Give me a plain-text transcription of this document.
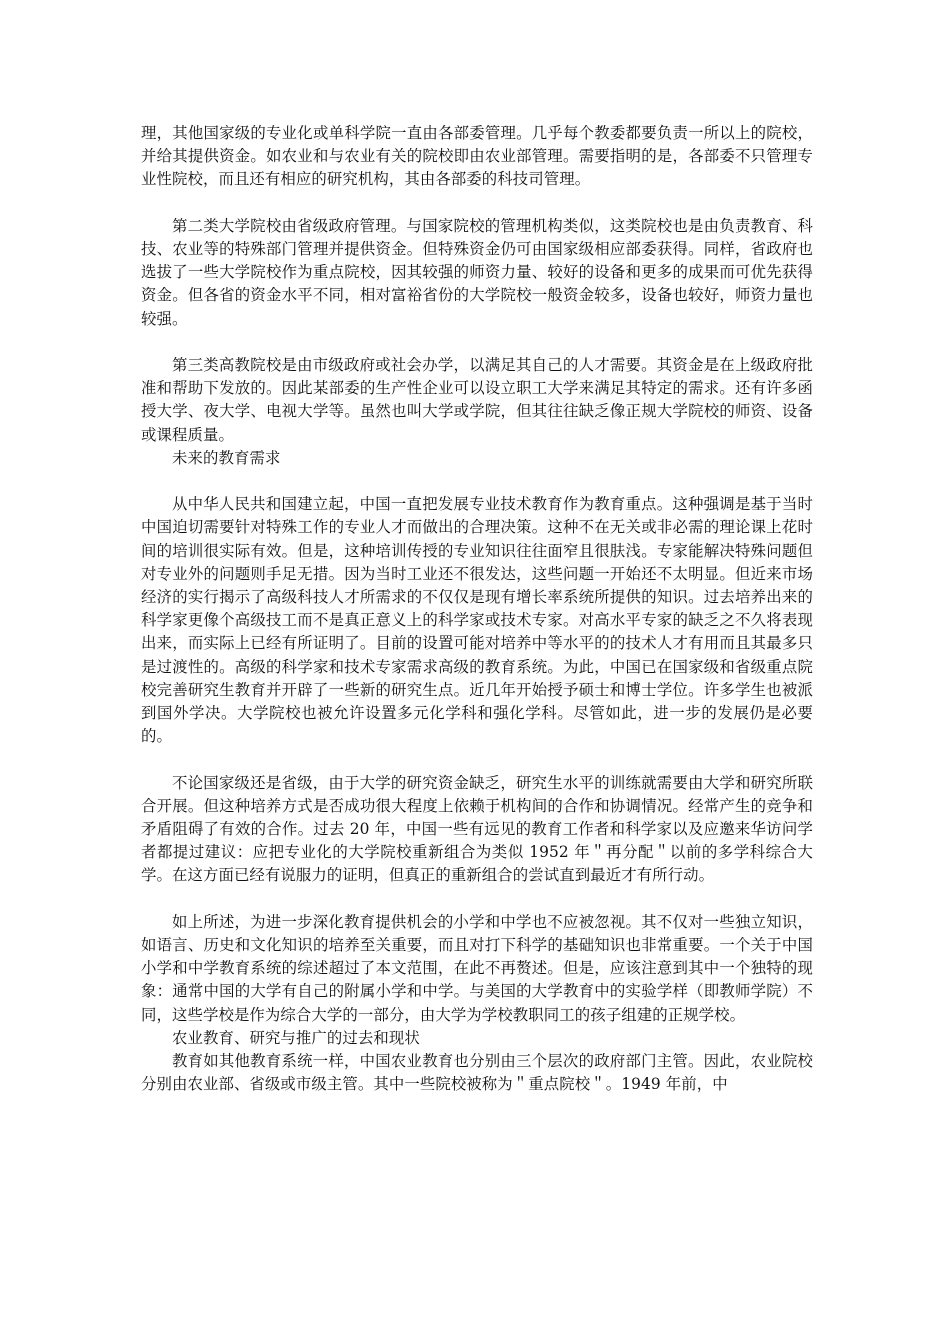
理，其他国家级的专业化或单科学院一直由各部委管理。几乎每个教委都要负责一所以上的院校，并给其提供资金。如农业和与农业有关的院校即由农业部管理。需要指明的是，各部委不只管理专业性院校，而且还有相应的研究机构，其由各部委的科技司管理。

第二类大学院校由省级政府管理。与国家院校的管理机构类似，这类院校也是由负责教育、科技、农业等的特殊部门管理并提供资金。但特殊资金仍可由国家级相应部委获得。同样，省政府也选拔了一些大学院校作为重点院校，因其较强的师资力量、较好的设备和更多的成果而可优先获得资金。但各省的资金水平不同，相对富裕省份的大学院校一般资金较多，设备也较好，师资力量也较强。

第三类高教院校是由市级政府或社会办学，以满足其自己的人才需要。其资金是在上级政府批准和帮助下发放的。因此某部委的生产性企业可以设立职工大学来满足其特定的需求。还有许多函授大学、夜大学、电视大学等。虽然也叫大学或学院，但其往往缺乏像正规大学院校的师资、设备或课程质量。

未来的教育需求

从中华人民共和国建立起，中国一直把发展专业技术教育作为教育重点。这种强调是基于当时中国迫切需要针对特殊工作的专业人才而做出的合理决策。这种不在无关或非必需的理论课上花时间的培训很实际有效。但是，这种培训传授的专业知识往往面窄且很肤浅。专家能解决特殊问题但对专业外的问题则手足无措。因为当时工业还不很发达，这些问题一开始还不太明显。但近来市场经济的实行揭示了高级科技人才所需求的不仅仅是现有增长率系统所提供的知识。过去培养出来的科学家更像个高级技工而不是真正意义上的科学家或技术专家。对高水平专家的缺乏之不久将表现出来，而实际上已经有所证明了。目前的设置可能对培养中等水平的的技术人才有用而且其最多只是过渡性的。高级的科学家和技术专家需求高级的教育系统。为此，中国已在国家级和省级重点院校完善研究生教育并开辟了一些新的研究生点。近几年开始授予硕士和博士学位。许多学生也被派到国外学决。大学院校也被允许设置多元化学科和强化学科。尽管如此，进一步的发展仍是必要的。

不论国家级还是省级，由于大学的研究资金缺乏，研究生水平的训练就需要由大学和研究所联合开展。但这种培养方式是否成功很大程度上依赖于机构间的合作和协调情况。经常产生的竞争和矛盾阻碍了有效的合作。过去 20 年，中国一些有远见的教育工作者和科学家以及应邀来华访问学者都提过建议：应把专业化的大学院校重新组合为类似 1952 年＂再分配＂以前的多学科综合大学。在这方面已经有说服力的证明，但真正的重新组合的尝试直到最近才有所行动。

如上所述，为进一步深化教育提供机会的小学和中学也不应被忽视。其不仅对一些独立知识，如语言、历史和文化知识的培养至关重要，而且对打下科学的基础知识也非常重要。一个关于中国小学和中学教育系统的综述超过了本文范围，在此不再赘述。但是，应该注意到其中一个独特的现象：通常中国的大学有自己的附属小学和中学。与美国的大学教育中的实验学样（即教师学院）不同，这些学校是作为综合大学的一部分，由大学为学校教职同工的孩子组建的正规学校。

农业教育、研究与推广的过去和现状

教育如其他教育系统一样，中国农业教育也分别由三个层次的政府部门主管。因此，农业院校分别由农业部、省级或市级主管。其中一些院校被称为＂重点院校＂。1949 年前，中
